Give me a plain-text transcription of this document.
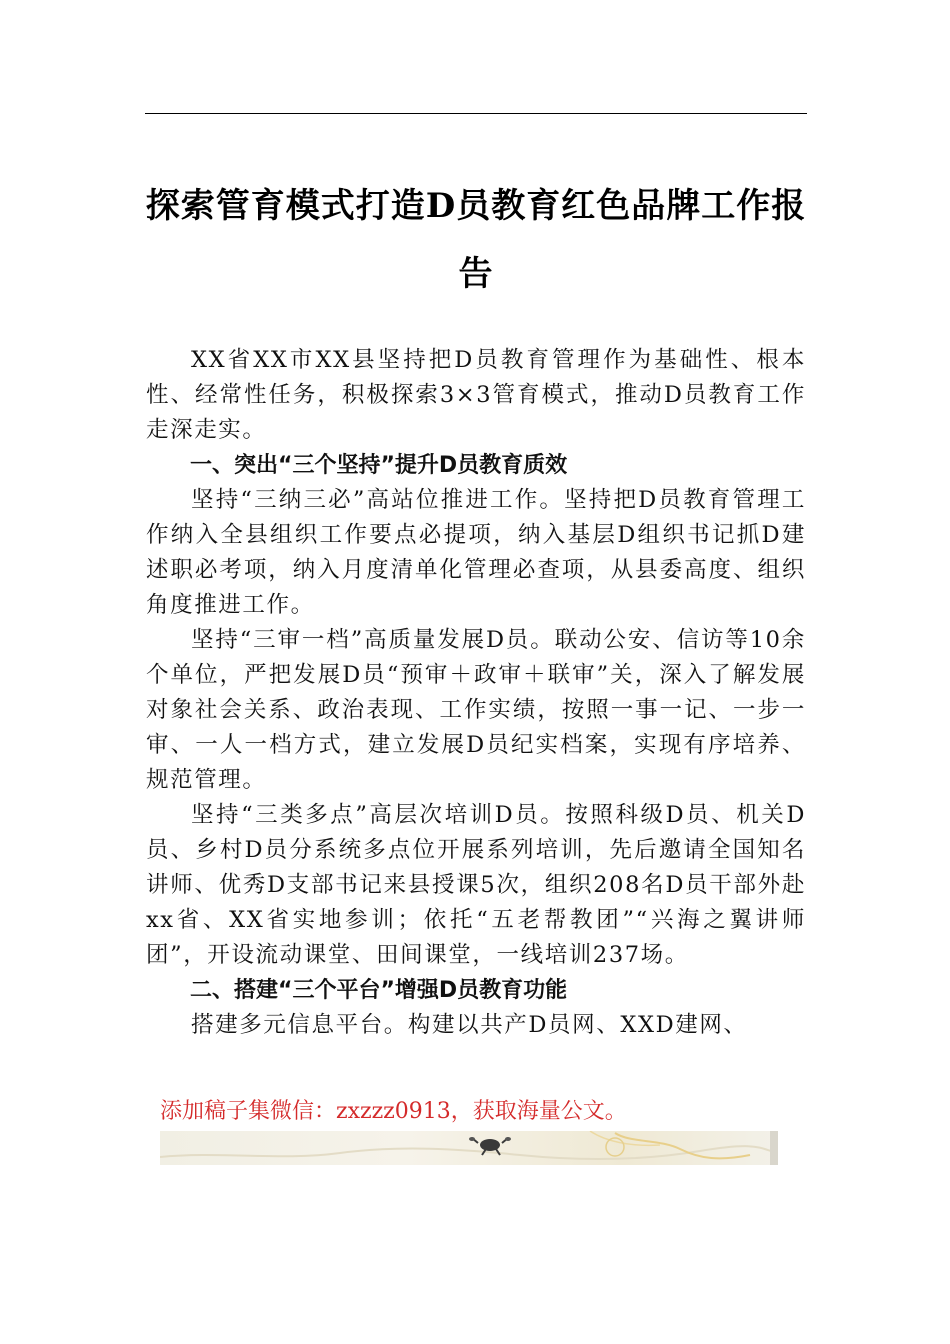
探索管育模式打造D员教育红色品牌工作报告

XX省XX市XX县坚持把D员教育管理作为基础性、根本性、经常性任务，积极探索3×3管育模式，推动D员教育工作走深走实。

一、突出“三个坚持”提升D员教育质效

坚持“三纳三必”高站位推进工作。坚持把D员教育管理工作纳入全县组织工作要点必提项，纳入基层D组织书记抓D建述职必考项，纳入月度清单化管理必查项，从县委高度、组织角度推进工作。

坚持“三审一档”高质量发展D员。联动公安、信访等10余个单位，严把发展D员“预审＋政审＋联审”关，深入了解发展对象社会关系、政治表现、工作实绩，按照一事一记、一步一审、一人一档方式，建立发展D员纪实档案，实现有序培养、规范管理。

坚持“三类多点”高层次培训D员。按照科级D员、机关D员、乡村D员分系统多点位开展系列培训，先后邀请全国知名讲师、优秀D支部书记来县授课5次，组织208名D员干部外赴xx省、XX省实地参训；依托“五老帮教团”“兴海之翼讲师团”，开设流动课堂、田间课堂，一线培训237场。

二、搭建“三个平台”增强D员教育功能

搭建多元信息平台。构建以共产D员网、XXD建网、

添加稿子集微信：zxzzz0913，获取海量公文。
